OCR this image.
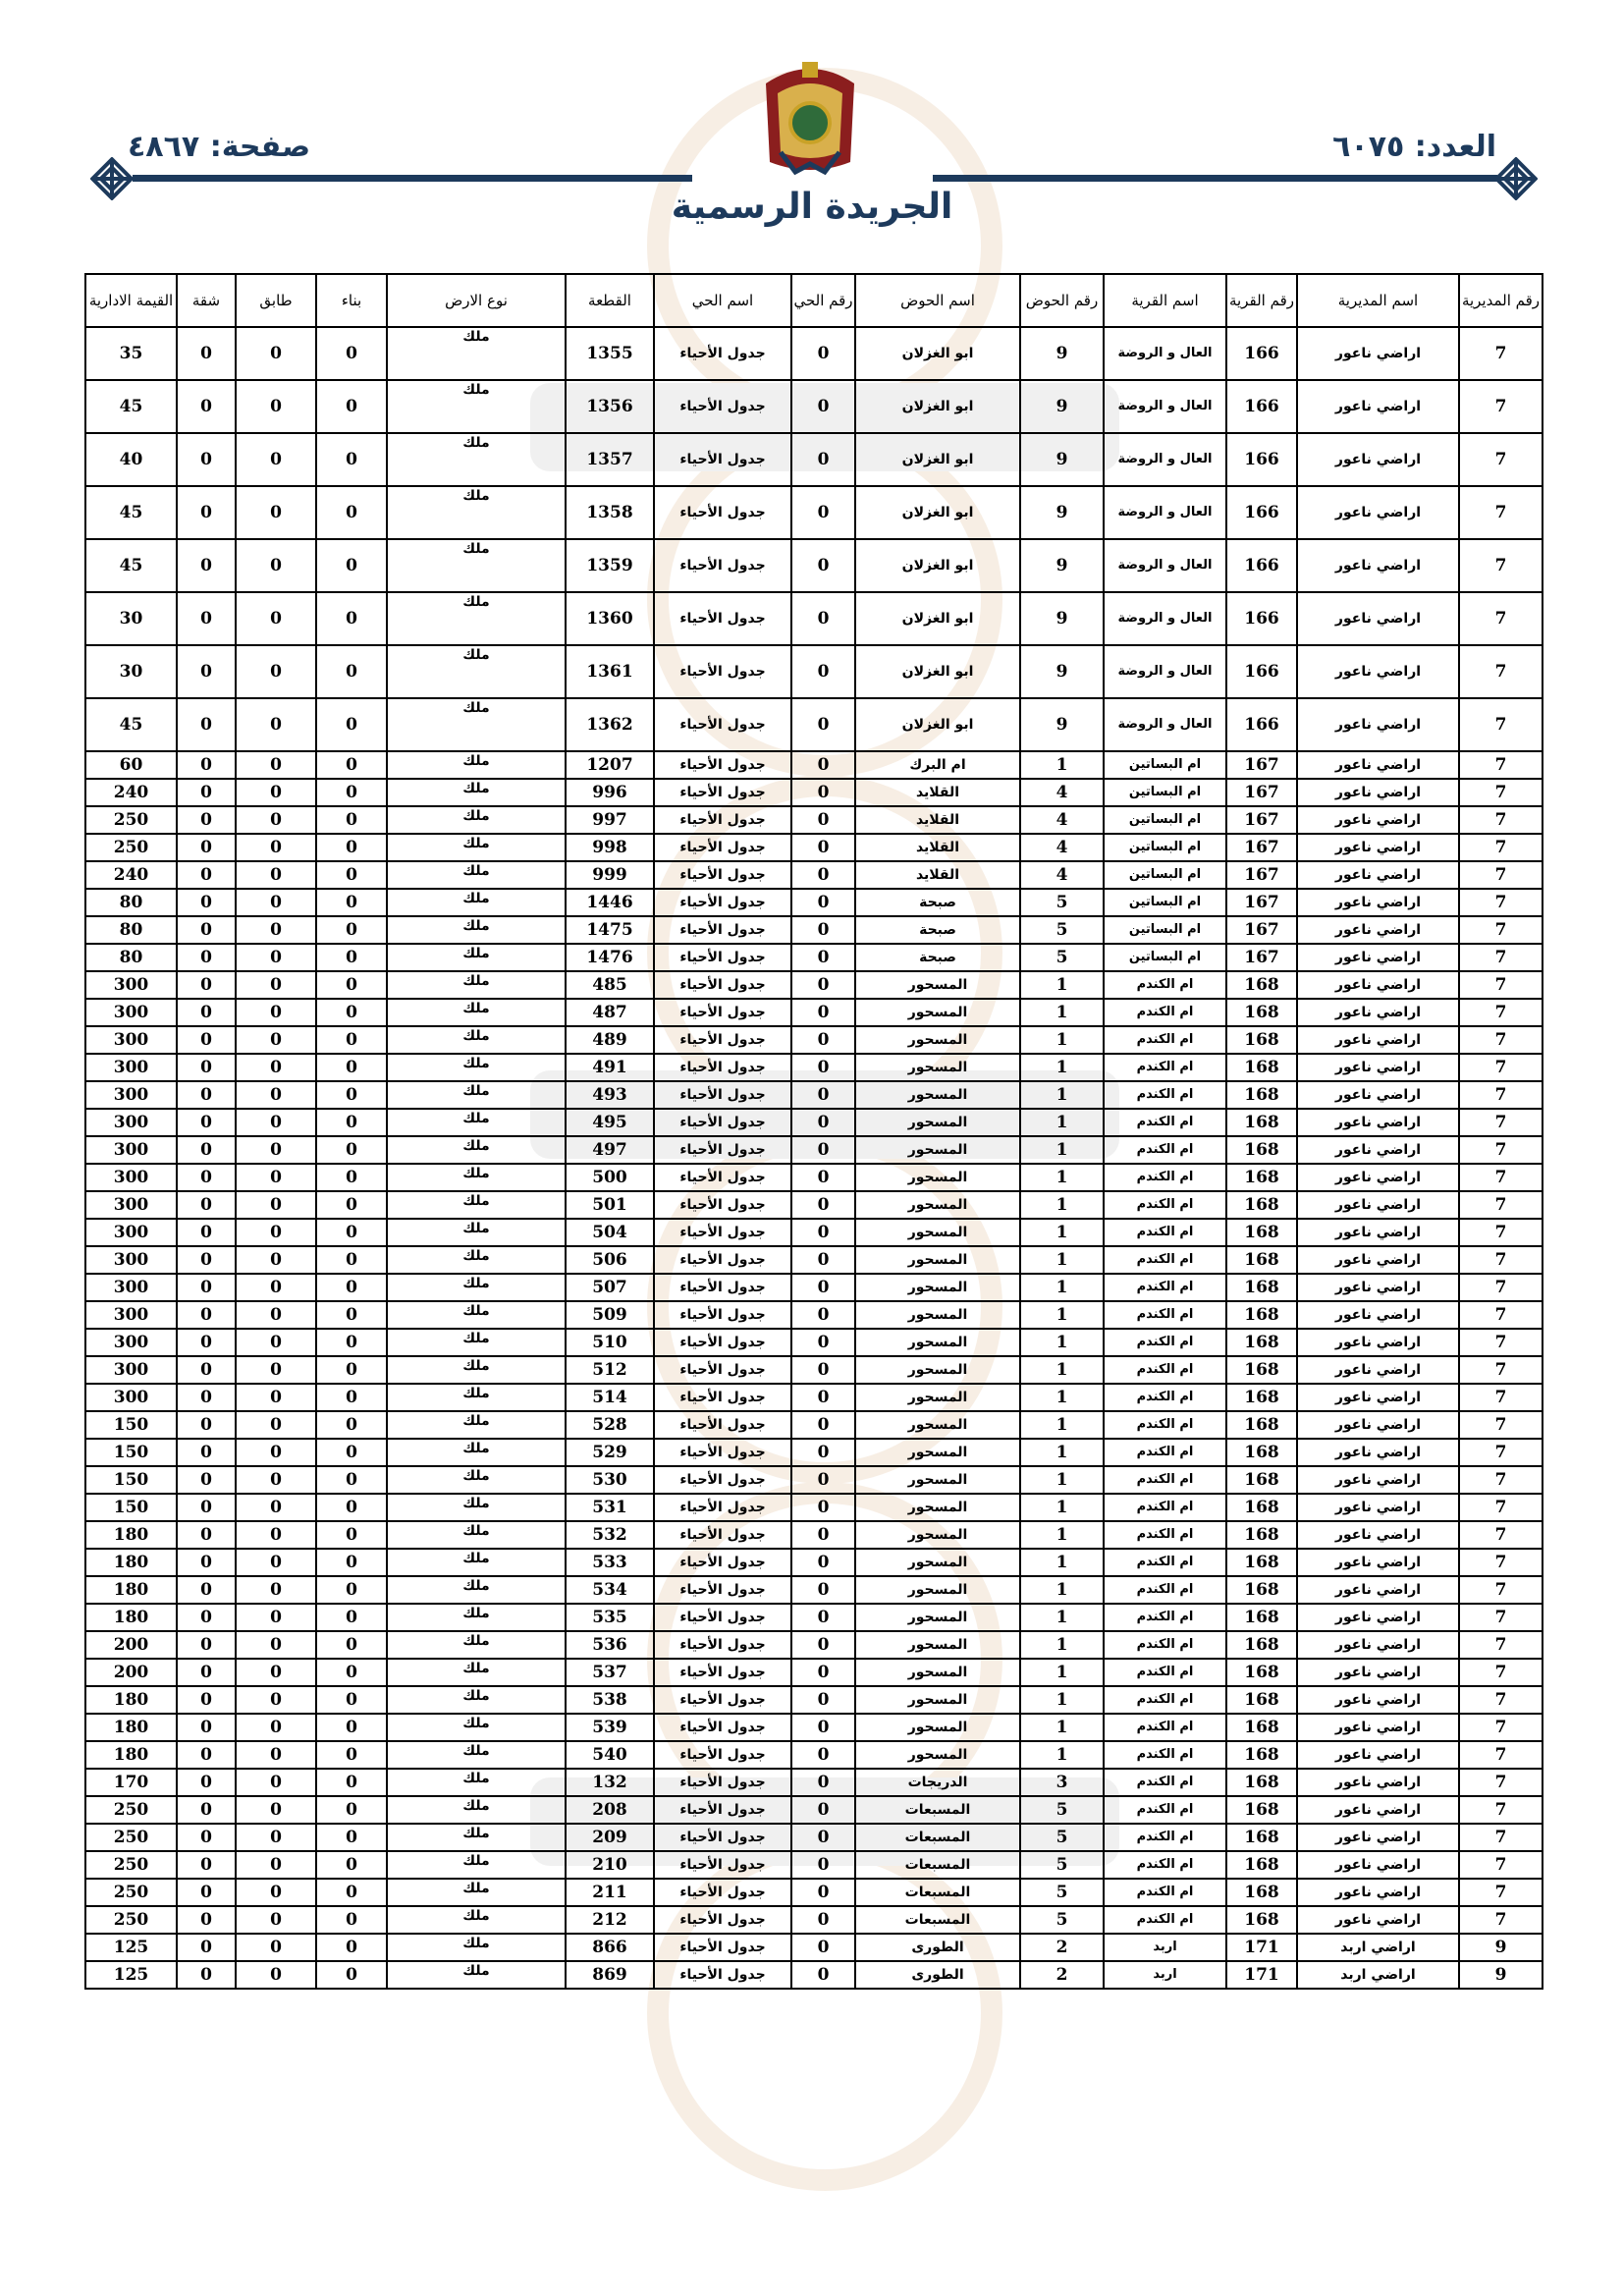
العدد: ٦٠٧٥
صفحة: ٤٨٦٧
الجريدة الرسمية
رقم المديرية	اسم المديرية	رقم القرية	اسم القرية	رقم الحوض	اسم الحوض	رقم الحي	اسم الحي	القطعة	نوع الارض	بناء	طابق	شقة	القيمة الادارية
7	اراضي ناعور	166	العال و الروضة	9	ابو الغزلان	0	جدول الأحياء	1355	ملك	0	0	0	35
7	اراضي ناعور	166	العال و الروضة	9	ابو الغزلان	0	جدول الأحياء	1356	ملك	0	0	0	45
7	اراضي ناعور	166	العال و الروضة	9	ابو الغزلان	0	جدول الأحياء	1357	ملك	0	0	0	40
7	اراضي ناعور	166	العال و الروضة	9	ابو الغزلان	0	جدول الأحياء	1358	ملك	0	0	0	45
7	اراضي ناعور	166	العال و الروضة	9	ابو الغزلان	0	جدول الأحياء	1359	ملك	0	0	0	45
7	اراضي ناعور	166	العال و الروضة	9	ابو الغزلان	0	جدول الأحياء	1360	ملك	0	0	0	30
7	اراضي ناعور	166	العال و الروضة	9	ابو الغزلان	0	جدول الأحياء	1361	ملك	0	0	0	30
7	اراضي ناعور	166	العال و الروضة	9	ابو الغزلان	0	جدول الأحياء	1362	ملك	0	0	0	45
7	اراضي ناعور	167	ام البساتين	1	ام البرك	0	جدول الأحياء	1207	ملك	0	0	0	60
7	اراضي ناعور	167	ام البساتين	4	القلايد	0	جدول الأحياء	996	ملك	0	0	0	240
7	اراضي ناعور	167	ام البساتين	4	القلايد	0	جدول الأحياء	997	ملك	0	0	0	250
7	اراضي ناعور	167	ام البساتين	4	القلايد	0	جدول الأحياء	998	ملك	0	0	0	250
7	اراضي ناعور	167	ام البساتين	4	القلايد	0	جدول الأحياء	999	ملك	0	0	0	240
7	اراضي ناعور	167	ام البساتين	5	صبحة	0	جدول الأحياء	1446	ملك	0	0	0	80
7	اراضي ناعور	167	ام البساتين	5	صبحة	0	جدول الأحياء	1475	ملك	0	0	0	80
7	اراضي ناعور	167	ام البساتين	5	صبحة	0	جدول الأحياء	1476	ملك	0	0	0	80
7	اراضي ناعور	168	ام الكندم	1	المسحور	0	جدول الأحياء	485	ملك	0	0	0	300
7	اراضي ناعور	168	ام الكندم	1	المسحور	0	جدول الأحياء	487	ملك	0	0	0	300
7	اراضي ناعور	168	ام الكندم	1	المسحور	0	جدول الأحياء	489	ملك	0	0	0	300
7	اراضي ناعور	168	ام الكندم	1	المسحور	0	جدول الأحياء	491	ملك	0	0	0	300
7	اراضي ناعور	168	ام الكندم	1	المسحور	0	جدول الأحياء	493	ملك	0	0	0	300
7	اراضي ناعور	168	ام الكندم	1	المسحور	0	جدول الأحياء	495	ملك	0	0	0	300
7	اراضي ناعور	168	ام الكندم	1	المسحور	0	جدول الأحياء	497	ملك	0	0	0	300
7	اراضي ناعور	168	ام الكندم	1	المسحور	0	جدول الأحياء	500	ملك	0	0	0	300
7	اراضي ناعور	168	ام الكندم	1	المسحور	0	جدول الأحياء	501	ملك	0	0	0	300
7	اراضي ناعور	168	ام الكندم	1	المسحور	0	جدول الأحياء	504	ملك	0	0	0	300
7	اراضي ناعور	168	ام الكندم	1	المسحور	0	جدول الأحياء	506	ملك	0	0	0	300
7	اراضي ناعور	168	ام الكندم	1	المسحور	0	جدول الأحياء	507	ملك	0	0	0	300
7	اراضي ناعور	168	ام الكندم	1	المسحور	0	جدول الأحياء	509	ملك	0	0	0	300
7	اراضي ناعور	168	ام الكندم	1	المسحور	0	جدول الأحياء	510	ملك	0	0	0	300
7	اراضي ناعور	168	ام الكندم	1	المسحور	0	جدول الأحياء	512	ملك	0	0	0	300
7	اراضي ناعور	168	ام الكندم	1	المسحور	0	جدول الأحياء	514	ملك	0	0	0	300
7	اراضي ناعور	168	ام الكندم	1	المسحور	0	جدول الأحياء	528	ملك	0	0	0	150
7	اراضي ناعور	168	ام الكندم	1	المسحور	0	جدول الأحياء	529	ملك	0	0	0	150
7	اراضي ناعور	168	ام الكندم	1	المسحور	0	جدول الأحياء	530	ملك	0	0	0	150
7	اراضي ناعور	168	ام الكندم	1	المسحور	0	جدول الأحياء	531	ملك	0	0	0	150
7	اراضي ناعور	168	ام الكندم	1	المسحور	0	جدول الأحياء	532	ملك	0	0	0	180
7	اراضي ناعور	168	ام الكندم	1	المسحور	0	جدول الأحياء	533	ملك	0	0	0	180
7	اراضي ناعور	168	ام الكندم	1	المسحور	0	جدول الأحياء	534	ملك	0	0	0	180
7	اراضي ناعور	168	ام الكندم	1	المسحور	0	جدول الأحياء	535	ملك	0	0	0	180
7	اراضي ناعور	168	ام الكندم	1	المسحور	0	جدول الأحياء	536	ملك	0	0	0	200
7	اراضي ناعور	168	ام الكندم	1	المسحور	0	جدول الأحياء	537	ملك	0	0	0	200
7	اراضي ناعور	168	ام الكندم	1	المسحور	0	جدول الأحياء	538	ملك	0	0	0	180
7	اراضي ناعور	168	ام الكندم	1	المسحور	0	جدول الأحياء	539	ملك	0	0	0	180
7	اراضي ناعور	168	ام الكندم	1	المسحور	0	جدول الأحياء	540	ملك	0	0	0	180
7	اراضي ناعور	168	ام الكندم	3	الدريجات	0	جدول الأحياء	132	ملك	0	0	0	170
7	اراضي ناعور	168	ام الكندم	5	المسبعات	0	جدول الأحياء	208	ملك	0	0	0	250
7	اراضي ناعور	168	ام الكندم	5	المسبعات	0	جدول الأحياء	209	ملك	0	0	0	250
7	اراضي ناعور	168	ام الكندم	5	المسبعات	0	جدول الأحياء	210	ملك	0	0	0	250
7	اراضي ناعور	168	ام الكندم	5	المسبعات	0	جدول الأحياء	211	ملك	0	0	0	250
7	اراضي ناعور	168	ام الكندم	5	المسبعات	0	جدول الأحياء	212	ملك	0	0	0	250
9	اراضي اربد	171	اربد	2	الطورى	0	جدول الأحياء	866	ملك	0	0	0	125
9	اراضي اربد	171	اربد	2	الطورى	0	جدول الأحياء	869	ملك	0	0	0	125
